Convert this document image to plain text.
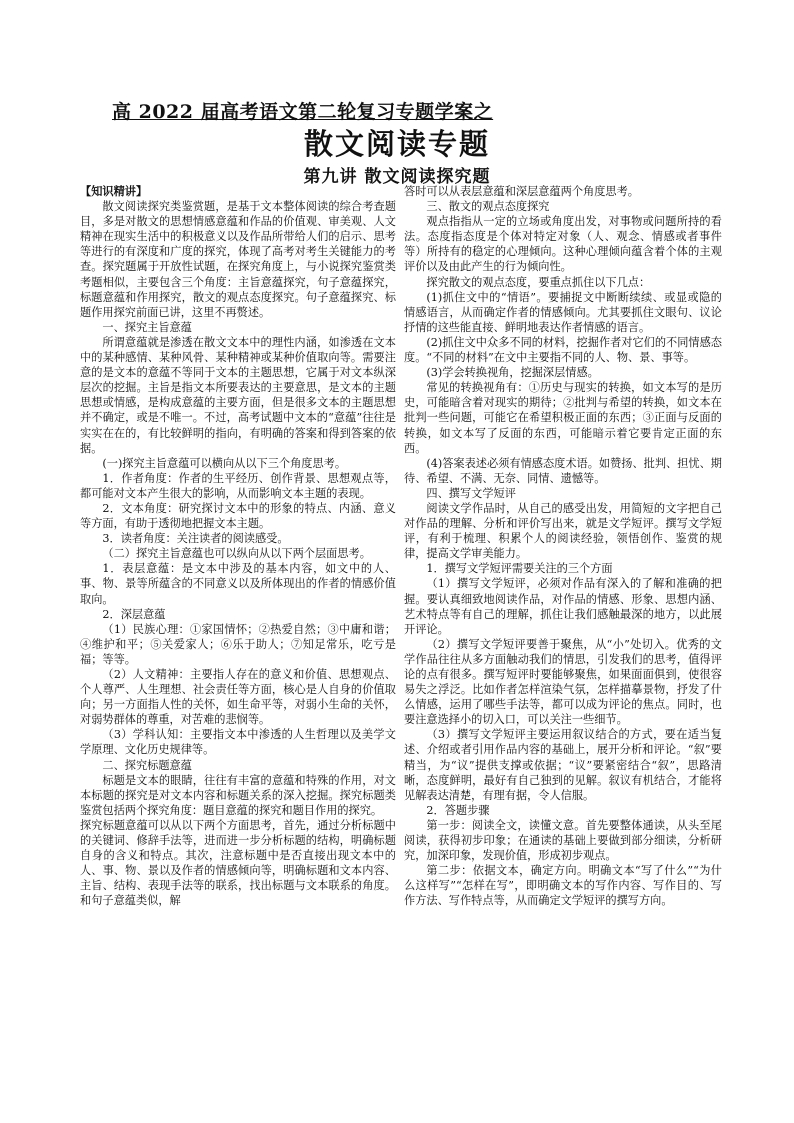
高 2022 届高考语文第二轮复习专题学案之
散文阅读专题
第九讲 散文阅读探究题

【知识精讲】

散文阅读探究类鉴赏题，是基于文本整体阅读的综合考查题目，多是对散文的思想情感意蕴和作品的价值观、审美观、人文精神在现实生活中的积极意义以及作品所带给人们的启示、思考等进行的有深度和广度的探究，体现了高考对考生关键能力的考查。探究题属于开放性试题，在探究角度上，与小说探究鉴赏类考题相似，主要包含三个角度：主旨意蕴探究，句子意蕴探究，标题意蕴和作用探究，散文的观点态度探究。句子意蕴探究、标题作用探究前面已讲，这里不再赘述。

一、探究主旨意蕴

所谓意蕴就是渗透在散文文本中的理性内涵，如渗透在文本中的某种感情、某种风骨、某种精神或某种价值取向等。需要注意的是文本的意蕴不等同于文本的主题思想，它属于对文本纵深层次的挖掘。主旨是指文本所要表达的主要意思，是文本的主题思想或情感，是构成意蕴的主要方面，但是很多文本的主题思想并不确定，或是不唯一。不过，高考试题中文本的“意蕴”往往是实实在在的，有比较鲜明的指向，有明确的答案和得到答案的依据。

(一)探究主旨意蕴可以横向从以下三个角度思考。

1．作者角度：作者的生平经历、创作背景、思想观点等，都可能对文本产生很大的影响，从而影响文本主题的表现。

2．文本角度：研究探讨文本中的形象的特点、内涵、意义等方面，有助于透彻地把握文本主题。

3．读者角度：关注读者的阅读感受。

（二）探究主旨意蕴也可以纵向从以下两个层面思考。

1．表层意蕴：是文本中涉及的基本内容，如文中的人、事、物、景等所蕴含的不同意义以及所体现出的作者的情感价值取向。

2．深层意蕴

（1）民族心理：①家国情怀；②热爱自然；③中庸和谐；④维护和平；⑤关爱家人；⑥乐于助人；⑦知足常乐，吃亏是福；等等。

（2）人文精神：主要指人存在的意义和价值、思想观点、个人尊严、人生理想、社会责任等方面，核心是人自身的价值取向；另一方面指人性的关怀，如生命平等，对弱小生命的关怀，对弱势群体的尊重，对苦难的悲悯等。

（3）学科认知：主要指文本中渗透的人生哲理以及美学文学原理、文化历史规律等。

二、探究标题意蕴

标题是文本的眼睛，往往有丰富的意蕴和特殊的作用，对文本标题的探究是对文本内容和标题关系的深入挖掘。探究标题类鉴赏包括两个探究角度：题目意蕴的探究和题目作用的探究。

探究标题意蕴可以从以下两个方面思考，首先，通过分析标题中的关键词、修辞手法等，进而进一步分析标题的结构，明确标题自身的含义和特点。其次，注意标题中是否直接出现文本中的人、事、物、景以及作者的情感倾向等，明确标题和文本内容、主旨、结构、表现手法等的联系，找出标题与文本联系的角度。和句子意蕴类似，解

答时可以从表层意蕴和深层意蕴两个角度思考。

三、散文的观点态度探究

观点指指从一定的立场或角度出发，对事物或问题所持的看法。态度指态度是个体对特定对象（人、观念、情感或者事件等）所持有的稳定的心理倾向。这种心理倾向蕴含着个体的主观评价以及由此产生的行为倾向性。

探究散文的观点态度，要重点抓住以下几点：

(1)抓住文中的“情语”。要捕捉文中断断续续、或显或隐的情感语言，从而确定作者的情感倾向。尤其要抓住文眼句、议论抒情的这些能直接、鲜明地表达作者情感的语言。

(2)抓住文中众多不同的材料，挖掘作者对它们的不同情感态度。“不同的材料”在文中主要指不同的人、物、景、事等。

(3)学会转换视角，挖掘深层情感。

常见的转换视角有：①历史与现实的转换，如文本写的是历史，可能暗含着对现实的期待；②批判与希望的转换，如文本在批判一些问题，可能它在希望积极正面的东西；③正面与反面的转换，如文本写了反面的东西，可能暗示着它要肯定正面的东西。

(4)答案表述必须有情感态度术语。如赞扬、批判、担忧、期待、希望、不满、无奈、同情、遗憾等。

四、撰写文学短评

阅读文学作品时，从自己的感受出发，用简短的文字把自己对作品的理解、分析和评价写出来，就是文学短评。撰写文学短评，有利于梳理、积累个人的阅读经验，领悟创作、鉴赏的规律，提高文学审美能力。

1．撰写文学短评需要关注的三个方面

（1）撰写文学短评，必须对作品有深入的了解和准确的把握。要认真细致地阅读作品，对作品的情感、形象、思想内涵、艺术特点等有自己的理解，抓住让我们感触最深的地方，以此展开评论。

（2）撰写文学短评要善于聚焦，从“小”处切入。优秀的文学作品往往从多方面触动我们的情思，引发我们的思考，值得评论的点有很多。撰写短评时要能够聚焦，如果面面俱到，使很容易失之浮泛。比如作者怎样渲染气氛，怎样描摹景物，抒发了什么情感，运用了哪些手法等，都可以成为评论的焦点。同时，也要注意选择小的切入口，可以关注一些细节。

（3）撰写文学短评主要运用叙议结合的方式，要在适当复述、介绍或者引用作品内容的基础上，展开分析和评论。“叙”要精当，为“议”提供支撑或依据；“议”要紧密结合“叙”，思路清晰，态度鲜明，最好有自己独到的见解。叙议有机结合，才能将见解表达清楚，有理有据，令人信服。

2．答题步骤

第一步：阅读全文，读懂文意。首先要整体通读，从头至尾阅读，获得初步印象；在通读的基础上要做到部分细读，分析研究，加深印象，发现价值，形成初步观点。

第二步：依据文本，确定方向。明确文本“写了什么”“为什么这样写”“怎样在写”，即明确文本的写作内容、写作目的、写作方法、写作特点等，从而确定文学短评的撰写方向。
